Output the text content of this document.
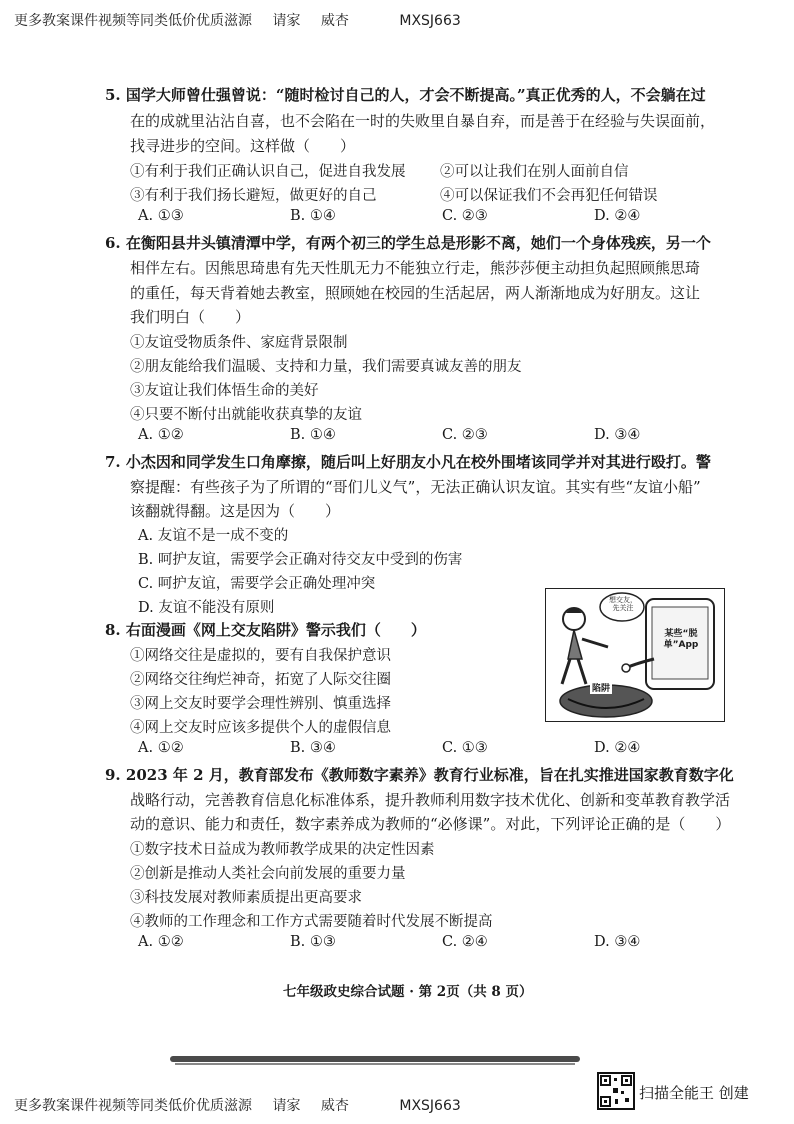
更多教案课件视频等同类低价优质滋源 请家 威杏	MXSJ663
5. 国学大师曾仕强曾说：“随时检讨自己的人，才会不断提高。”真正优秀的人，不会躺在过
在的成就里沾沾自喜，也不会陷在一时的失败里自暴自弃，而是善于在经验与失误面前，
找寻进步的空间。这样做（　　）
①有利于我们正确认识自己，促进自我发展 ②可以让我们在别人面前自信
③有利于我们扬长避短，做更好的自己	④可以保证我们不会再犯任何错误
A. ①③	B. ①④	C. ②③	D. ②④
6. 在衡阳县井头镇清潭中学，有两个初三的学生总是形影不离，她们一个身体残疾，另一个
相伴左右。因熊思琦患有先天性肌无力不能独立行走，熊莎莎便主动担负起照顾熊思琦
的重任，每天背着她去教室，照顾她在校园的生活起居，两人渐渐地成为好朋友。这让
我们明白（　　）
①友谊受物质条件、家庭背景限制
②朋友能给我们温暖、支持和力量，我们需要真诚友善的朋友
③友谊让我们体悟生命的美好
④只要不断付出就能收获真挚的友谊
A. ①②	B. ①④	C. ②③	D. ③④
7. 小杰因和同学发生口角摩擦，随后叫上好朋友小凡在校外围堵该同学并对其进行殴打。警
察提醒：有些孩子为了所谓的“哥们儿义气”，无法正确认识友谊。其实有些“友谊小船”
该翻就得翻。这是因为（　　）
A. 友谊不是一成不变的
B. 呵护友谊，需要学会正确对待交友中受到的伤害
C. 呵护友谊，需要学会正确处理冲突
D. 友谊不能没有原则
8. 右面漫画《网上交友陷阱》警示我们（　　）
①网络交往是虚拟的，要有自我保护意识
②网络交往绚烂神奇，拓宽了人际交往圈
③网上交友时要学会理性辨别、慎重选择
④网上交友时应该多提供个人的虚假信息
A. ①②	B. ③④	C. ①③	D. ②④
想交友，先关注
某些“脱单”App
陷阱
9. 2023 年 2 月，教育部发布《教师数字素养》教育行业标准，旨在扎实推进国家教育数字化
战略行动，完善教育信息化标准体系，提升教师利用数字技术优化、创新和变革教育教学活
动的意识、能力和责任，数字素养成为教师的“必修课”。对此，下列评论正确的是（　　）
①数字技术日益成为教师教学成果的决定性因素
②创新是推动人类社会向前发展的重要力量
③科技发展对教师素质提出更高要求
④教师的工作理念和工作方式需要随着时代发展不断提高
A. ①②	B. ①③	C. ②④	D. ③④
七年级政史综合试题 · 第 2页（共 8 页）
更多教案课件视频等同类低价优质滋源 请家 威杏	MXSJ663
扫描全能王 创建
